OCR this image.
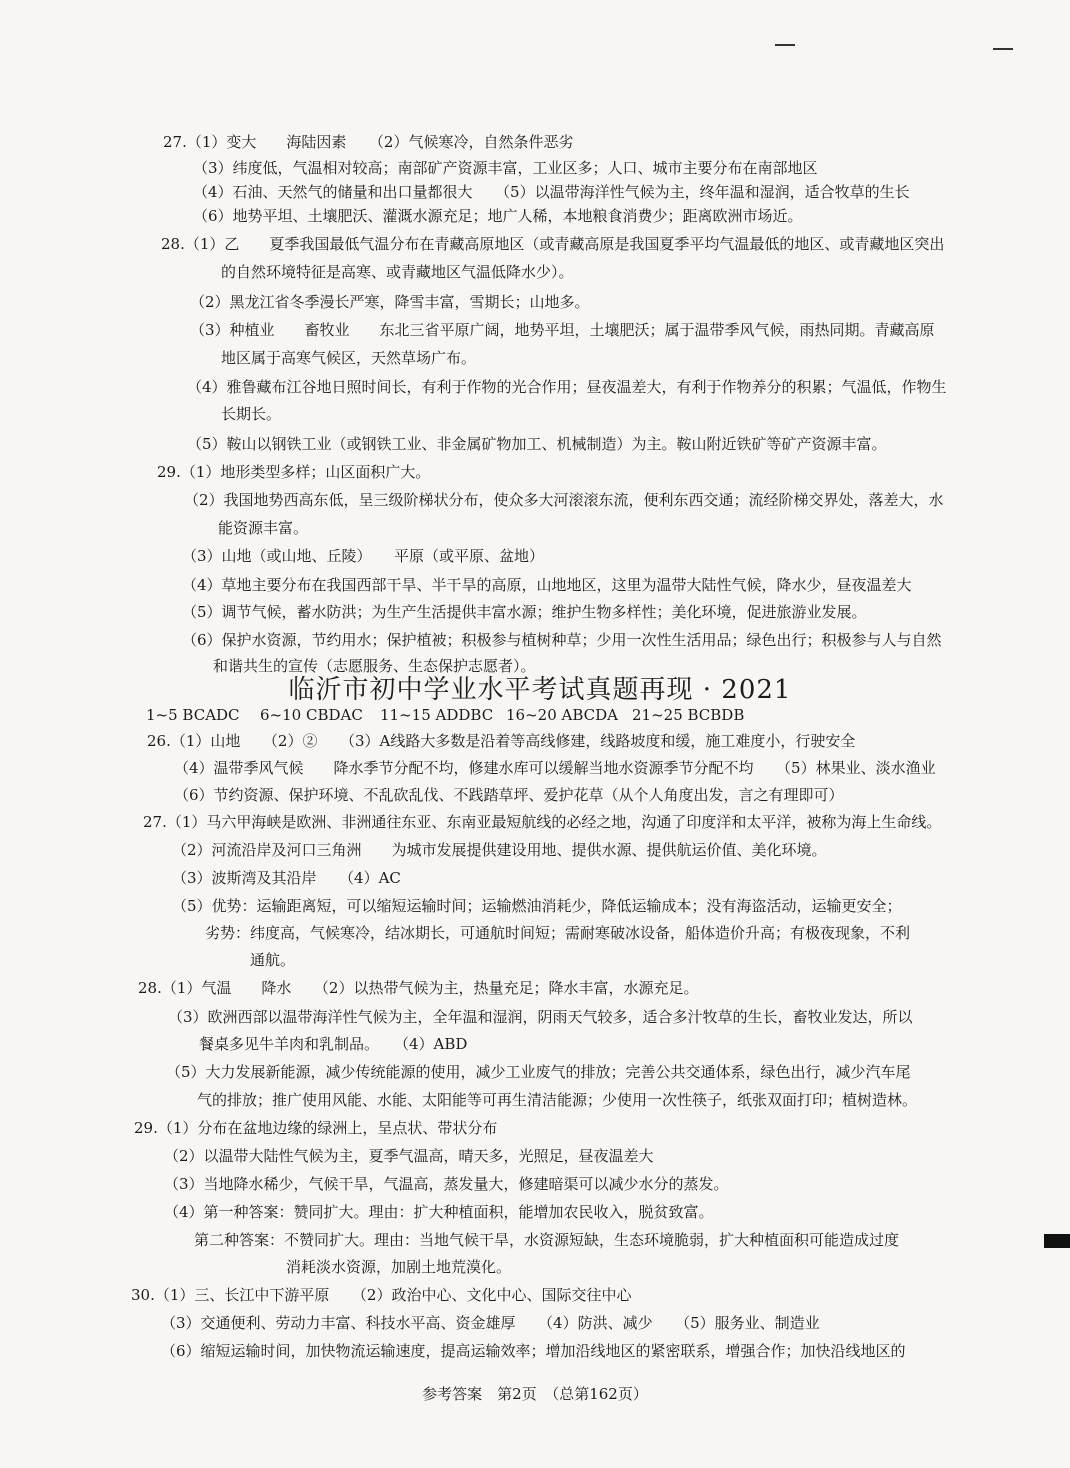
27.（1）变大　　海陆因素　　（2）气候寒冷，自然条件恶劣
（3）纬度低，气温相对较高；南部矿产资源丰富，工业区多；人口、城市主要分布在南部地区
（4）石油、天然气的储量和出口量都很大　　（5）以温带海洋性气候为主，终年温和湿润，适合牧草的生长
（6）地势平坦、土壤肥沃、灌溉水源充足；地广人稀，本地粮食消费少；距离欧洲市场近。
28.（1）乙　　夏季我国最低气温分布在青藏高原地区（或青藏高原是我国夏季平均气温最低的地区、或青藏地区突出
的自然环境特征是高寒、或青藏地区气温低降水少）。
（2）黑龙江省冬季漫长严寒，降雪丰富，雪期长；山地多。
（3）种植业　　畜牧业　　东北三省平原广阔，地势平坦，土壤肥沃；属于温带季风气候，雨热同期。青藏高原
地区属于高寒气候区，天然草场广布。
（4）雅鲁藏布江谷地日照时间长，有利于作物的光合作用；昼夜温差大，有利于作物养分的积累；气温低，作物生
长期长。
（5）鞍山以钢铁工业（或钢铁工业、非金属矿物加工、机械制造）为主。鞍山附近铁矿等矿产资源丰富。
29.（1）地形类型多样；山区面积广大。
（2）我国地势西高东低，呈三级阶梯状分布，使众多大河滚滚东流，便利东西交通；流经阶梯交界处，落差大，水
能资源丰富。
（3）山地（或山地、丘陵）　　平原（或平原、盆地）
（4）草地主要分布在我国西部干旱、半干旱的高原，山地地区，这里为温带大陆性气候，降水少，昼夜温差大
（5）调节气候，蓄水防洪；为生产生活提供丰富水源；维护生物多样性；美化环境，促进旅游业发展。
（6）保护水资源，节约用水；保护植被；积极参与植树种草；少用一次性生活用品；绿色出行；积极参与人与自然
和谐共生的宣传（志愿服务、生态保护志愿者）。
临沂市初中学业水平考试真题再现 · 2021
1~5 BCADC 6~10 CBDAC 11~15 ADDBC 16~20 ABCDA 21~25 BCBDB
26.（1）山地　　（2）②　　（3）A线路大多数是沿着等高线修建，线路坡度和缓，施工难度小，行驶安全
（4）温带季风气候　　降水季节分配不均，修建水库可以缓解当地水资源季节分配不均　　（5）林果业、淡水渔业
（6）节约资源、保护环境、不乱砍乱伐、不践踏草坪、爱护花草（从个人角度出发，言之有理即可）
27.（1）马六甲海峡是欧洲、非洲通往东亚、东南亚最短航线的必经之地，沟通了印度洋和太平洋，被称为海上生命线。
（2）河流沿岸及河口三角洲　　为城市发展提供建设用地、提供水源、提供航运价值、美化环境。
（3）波斯湾及其沿岸　　（4）AC
（5）优势：运输距离短，可以缩短运输时间；运输燃油消耗少，降低运输成本；没有海盗活动，运输更安全；
劣势：纬度高，气候寒冷，结冰期长，可通航时间短；需耐寒破冰设备，船体造价升高；有极夜现象，不利
通航。
28.（1）气温　　降水　　（2）以热带气候为主，热量充足；降水丰富，水源充足。
（3）欧洲西部以温带海洋性气候为主，全年温和湿润，阴雨天气较多，适合多汁牧草的生长，畜牧业发达，所以
餐桌多见牛羊肉和乳制品。　　（4）ABD
（5）大力发展新能源，减少传统能源的使用，减少工业废气的排放；完善公共交通体系，绿色出行，减少汽车尾
气的排放；推广使用风能、水能、太阳能等可再生清洁能源；少使用一次性筷子，纸张双面打印；植树造林。
29.（1）分布在盆地边缘的绿洲上，呈点状、带状分布
（2）以温带大陆性气候为主，夏季气温高，晴天多，光照足，昼夜温差大
（3）当地降水稀少，气候干旱，气温高，蒸发量大，修建暗渠可以减少水分的蒸发。
（4）第一种答案：赞同扩大。理由：扩大种植面积，能增加农民收入，脱贫致富。
第二种答案：不赞同扩大。理由：当地气候干旱，水资源短缺，生态环境脆弱，扩大种植面积可能造成过度
消耗淡水资源，加剧土地荒漠化。
30.（1）三、长江中下游平原　　（2）政治中心、文化中心、国际交往中心
（3）交通便利、劳动力丰富、科技水平高、资金雄厚　　（4）防洪、减少　　（5）服务业、制造业
（6）缩短运输时间，加快物流运输速度，提高运输效率；增加沿线地区的紧密联系，增强合作；加快沿线地区的
参考答案　第2页　（总第162页）
